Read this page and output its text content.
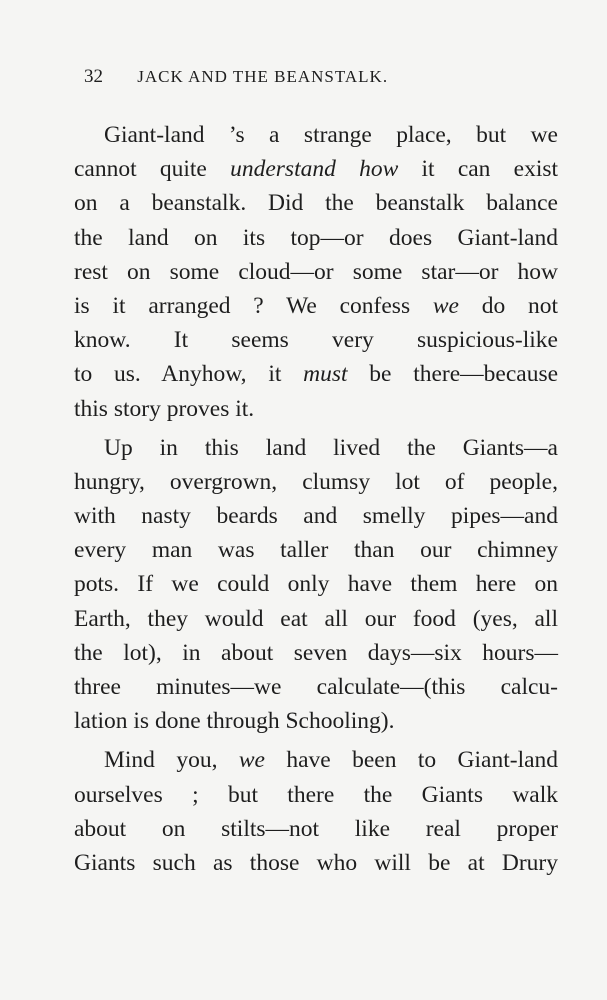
32 JACK AND THE BEANSTALK.
Giant-land ’s a strange place, but we
cannot quite understand how it can exist
on a beanstalk. Did the beanstalk balance
the land on its top—or does Giant-land
rest on some cloud—or some star—or how
is it arranged ? We confess we do not
know. It seems very suspicious-like
to us. Anyhow, it must be there—because
this story proves it.
Up in this land lived the Giants—a
hungry, overgrown, clumsy lot of people,
with nasty beards and smelly pipes—and
every man was taller than our chimney
pots. If we could only have them here on
Earth, they would eat all our food (yes, all
the lot), in about seven days—six hours—
three minutes—we calculate—(this calcu-
lation is done through Schooling).
Mind you, we have been to Giant-land
ourselves ; but there the Giants walk
about on stilts—not like real proper
Giants such as those who will be at Drury
